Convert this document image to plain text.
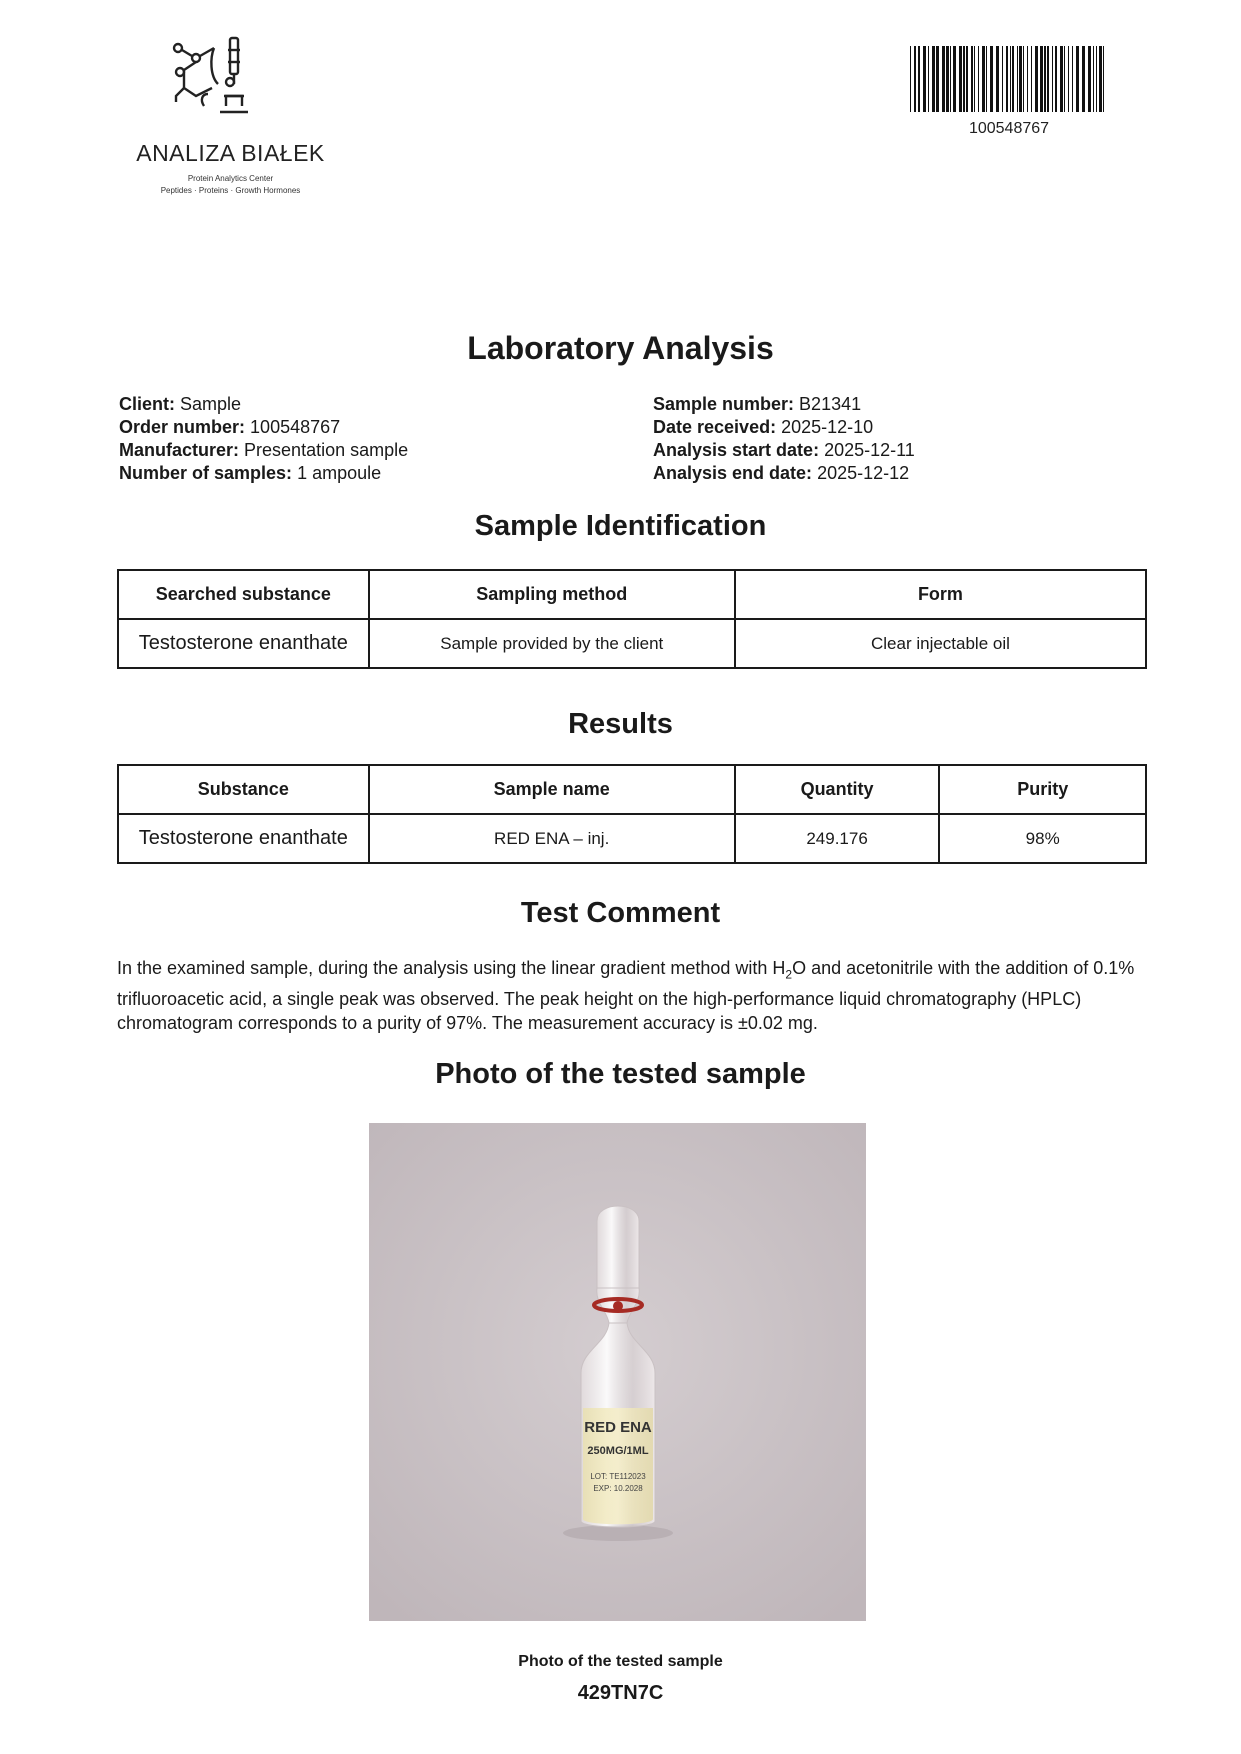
ANALIZA BIAŁEK
Protein Analytics Center
Peptides · Proteins · Growth Hormones
100548767
Laboratory Analysis
Client: Sample
Order number: 100548767
Manufacturer: Presentation sample
Number of samples: 1 ampoule
Sample number: B21341
Date received: 2025-12-10
Analysis start date: 2025-12-11
Analysis end date: 2025-12-12
Sample Identification
Searched substance	Sampling method	Form
Testosterone enanthate	Sample provided by the client	Clear injectable oil
Results
Substance	Sample name	Quantity	Purity
Testosterone enanthate	RED ENA – inj.	249.176	98%
Test Comment

In the examined sample, during the analysis using the linear gradient method with $H_2O$ and acetonitrile with the addition of 0.1% trifluoroacetic acid, a single peak was observed. The peak height on the high-performance liquid chromatography (HPLC) chromatogram corresponds to a purity of 97%. The measurement accuracy is ±0.02 mg.

Photo of the tested sample
RED ENA
250MG/1ML
LOT: TE112023
EXP: 10.2028
Photo of the tested sample
429TN7C
